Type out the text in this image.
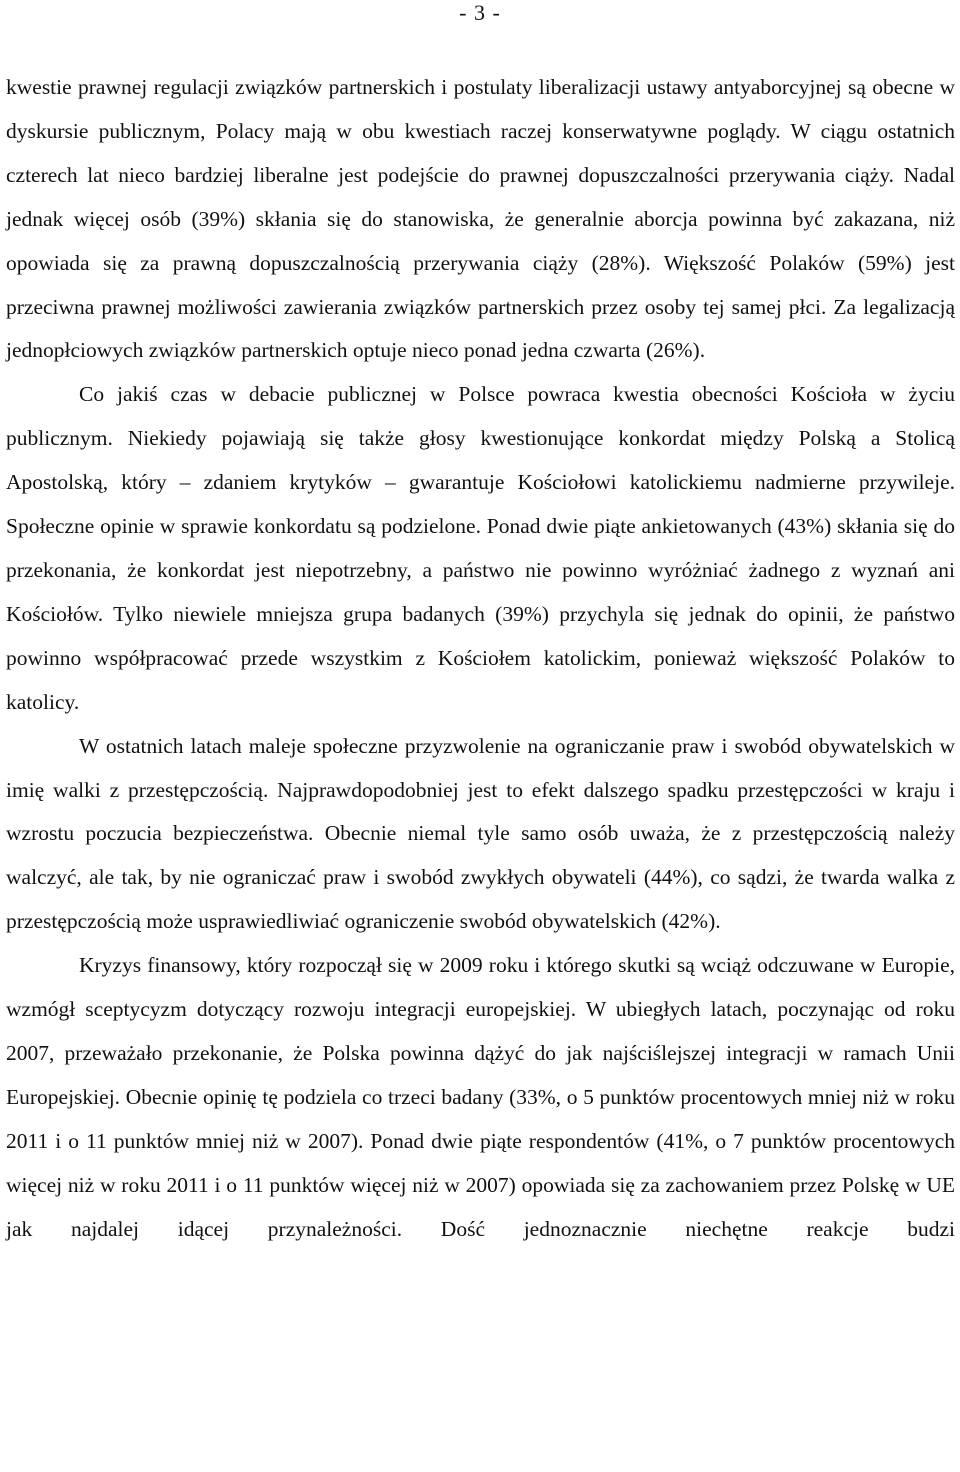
- 3 -

kwestie prawnej regulacji związków partnerskich i postulaty liberalizacji ustawy antyaborcyjnej są obecne w dyskursie publicznym, Polacy mają w obu kwestiach raczej konserwatywne poglądy. W ciągu ostatnich czterech lat nieco bardziej liberalne jest podejście do prawnej dopuszczalności przerywania ciąży. Nadal jednak więcej osób (39%) skłania się do stanowiska, że generalnie aborcja powinna być zakazana, niż opowiada się za prawną dopuszczalnością przerywania ciąży (28%). Większość Polaków (59%) jest przeciwna prawnej możliwości zawierania związków partnerskich przez osoby tej samej płci. Za legalizacją jednopłciowych związków partnerskich optuje nieco ponad jedna czwarta (26%).

Co jakiś czas w debacie publicznej w Polsce powraca kwestia obecności Kościoła w życiu publicznym. Niekiedy pojawiają się także głosy kwestionujące konkordat między Polską a Stolicą Apostolską, który – zdaniem krytyków – gwarantuje Kościołowi katolickiemu nadmierne przywileje. Społeczne opinie w sprawie konkordatu są podzielone. Ponad dwie piąte ankietowanych (43%) skłania się do przekonania, że konkordat jest niepotrzebny, a państwo nie powinno wyróżniać żadnego z wyznań ani Kościołów. Tylko niewiele mniejsza grupa badanych (39%) przychyla się jednak do opinii, że państwo powinno współpracować przede wszystkim z Kościołem katolickim, ponieważ większość Polaków to katolicy.

W ostatnich latach maleje społeczne przyzwolenie na ograniczanie praw i swobód obywatelskich w imię walki z przestępczością. Najprawdopodobniej jest to efekt dalszego spadku przestępczości w kraju i wzrostu poczucia bezpieczeństwa. Obecnie niemal tyle samo osób uważa, że z przestępczością należy walczyć, ale tak, by nie ograniczać praw i swobód zwykłych obywateli (44%), co sądzi, że twarda walka z przestępczością może usprawiedliwiać ograniczenie swobód obywatelskich (42%).

Kryzys finansowy, który rozpoczął się w 2009 roku i którego skutki są wciąż odczuwane w Europie, wzmógł sceptycyzm dotyczący rozwoju integracji europejskiej. W ubiegłych latach, poczynając od roku 2007, przeważało przekonanie, że Polska powinna dążyć do jak najściślejszej integracji w ramach Unii Europejskiej. Obecnie opinię tę podziela co trzeci badany (33%, o 5 punktów procentowych mniej niż w roku 2011 i o 11 punktów mniej niż w 2007). Ponad dwie piąte respondentów (41%, o 7 punktów procentowych więcej niż w roku 2011 i o 11 punktów więcej niż w 2007) opowiada się za zachowaniem przez Polskę w UE jak najdalej idącej przynależności. Dość jednoznacznie niechętne reakcje budzi
